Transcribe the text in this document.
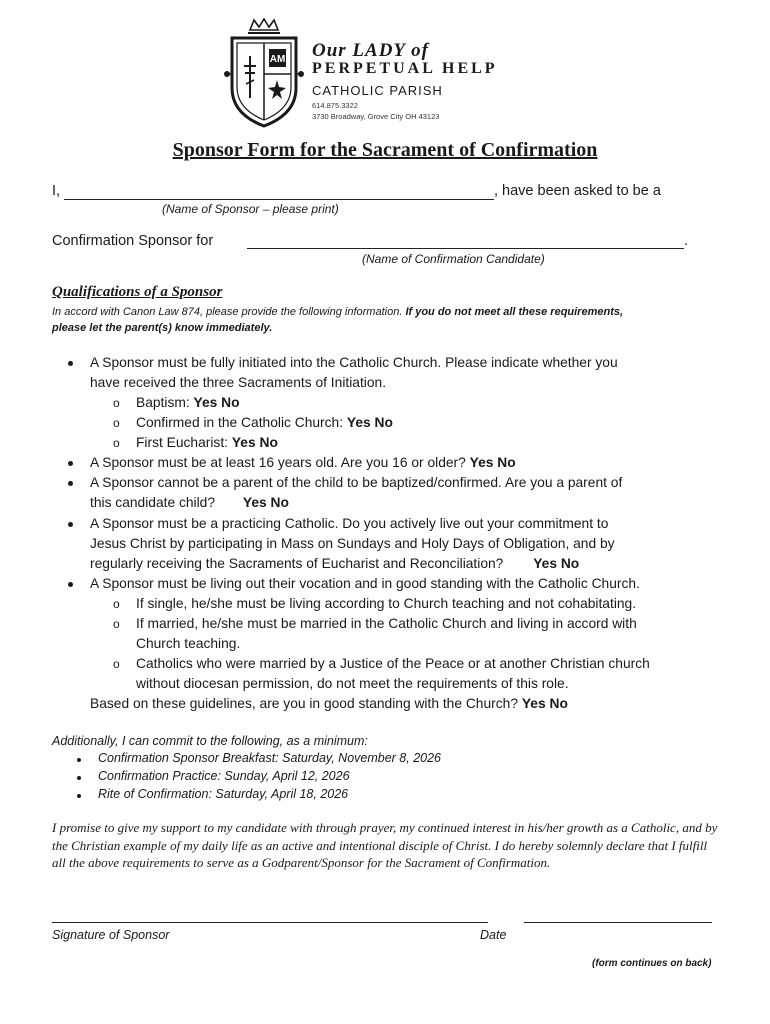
AM Our LADY of
PERPETUAL HELP
CATHOLIC PARISH
614.875.3322
3730 Broadway, Grove City OH 43123
Sponsor Form for the Sacrament of Confirmation
I,	, have been asked to be a
(Name of Sponsor – please print)
Confirmation Sponsor for	.
(Name of Confirmation Candidate)
Qualifications of a Sponsor
In accord with Canon Law 874, please provide the following information. If you do not meet all these requirements,
please let the parent(s) know immediately.
A Sponsor must be fully initiated into the Catholic Church. Please indicate whether you
have received the three Sacraments of Initiation.
o Baptism: Yes No
o Confirmed in the Catholic Church: Yes No
o First Eucharist: Yes No
A Sponsor must be at least 16 years old. Are you 16 or older? Yes No
A Sponsor cannot be a parent of the child to be baptized/confirmed. Are you a parent of
this candidate child? Yes No
A Sponsor must be a practicing Catholic. Do you actively live out your commitment to
Jesus Christ by participating in Mass on Sundays and Holy Days of Obligation, and by
regularly receiving the Sacraments of Eucharist and Reconciliation? Yes No
A Sponsor must be living out their vocation and in good standing with the Catholic Church.
o If single, he/she must be living according to Church teaching and not cohabitating.
o If married, he/she must be married in the Catholic Church and living in accord with
Church teaching.
o Catholics who were married by a Justice of the Peace or at another Christian church
without diocesan permission, do not meet the requirements of this role.
Based on these guidelines, are you in good standing with the Church? Yes No
Additionally, I can commit to the following, as a minimum:
Confirmation Sponsor Breakfast: Saturday, November 8, 2026
Confirmation Practice: Sunday, April 12, 2026
Rite of Confirmation: Saturday, April 18, 2026
I promise to give my support to my candidate with through prayer, my continued interest in his/her growth as a Catholic, and by the Christian example of my daily life as an active and intentional disciple of Christ. I do hereby solemnly declare that I fulfill all the above requirements to serve as a Godparent/Sponsor for the Sacrament of Confirmation.
Signature of Sponsor	Date
(form continues on back)
